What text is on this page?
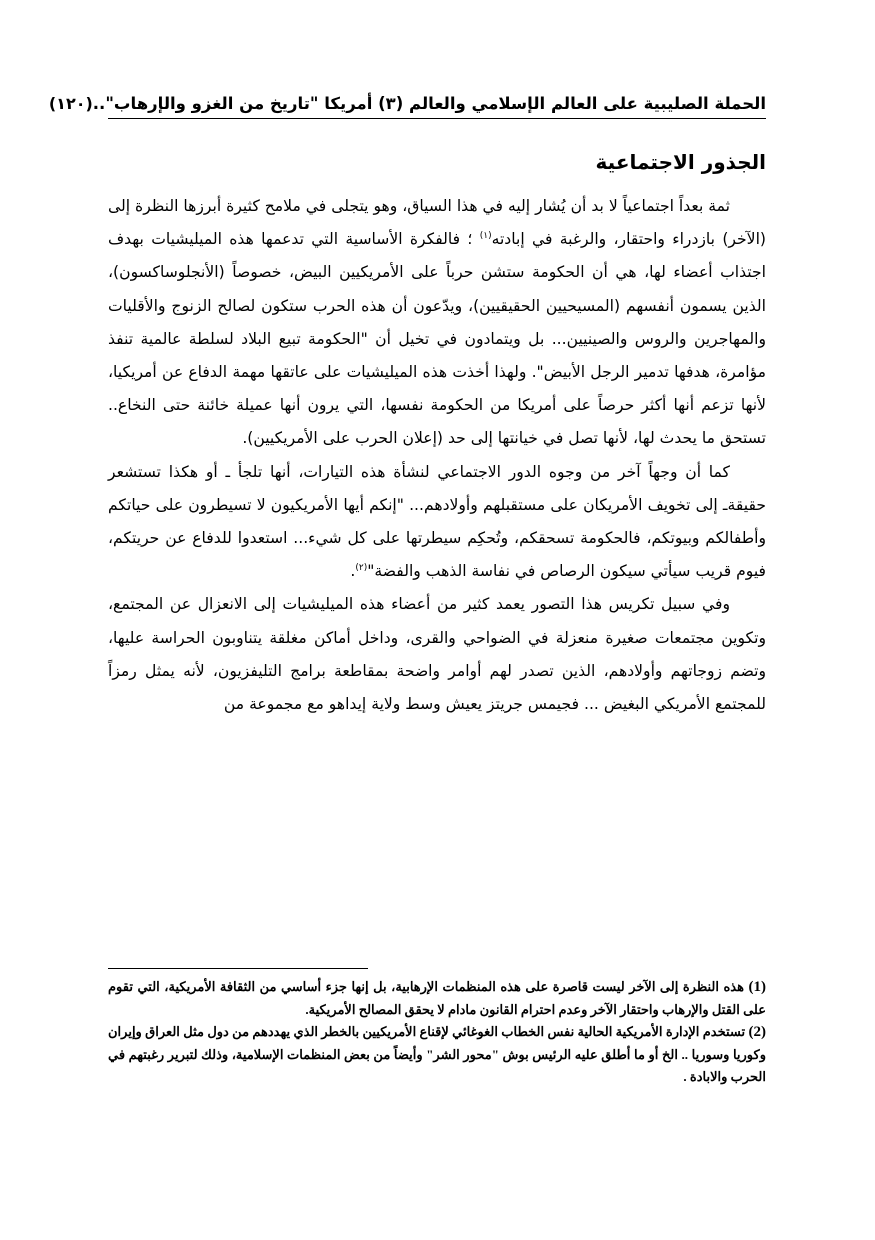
الحملة الصليبية على العالم الإسلامي والعالم (٣) أمريكا "تاريخ من الغزو والإرهاب"..
(١٢٠)
الجذور الاجتماعية

ثمة بعداً اجتماعياً لا بد أن يُشار إليه في هذا السياق، وهو يتجلى في ملامح كثيرة أبرزها النظرة إلى (الآخر) بازدراء واحتقار، والرغبة في إبادته$^{(١)}$ ؛ فالفكرة الأساسية التي تدعمها هذه الميليشيات بهدف اجتذاب أعضاء لها، هي أن الحكومة ستشن حرباً على الأمريكيين البيض، خصوصاً (الأنجلوساكسون)، الذين يسمون أنفسهم (المسيحيين الحقيقيين)، ويدّعون أن هذه الحرب ستكون لصالح الزنوج والأقليات والمهاجرين والروس والصينيين... بل ويتمادون في تخيل أن "الحكومة تبيع البلاد لسلطة عالمية تنفذ مؤامرة، هدفها تدمير الرجل الأبيض". ولهذا أخذت هذه الميليشيات على عاتقها مهمة الدفاع عن أمريكيا، لأنها تزعم أنها أكثر حرصاً على أمريكا من الحكومة نفسها، التي يرون أنها عميلة خائنة حتى النخاع.. تستحق ما يحدث لها، لأنها تصل في خيانتها إلى حد (إعلان الحرب على الأمريكيين).

كما أن وجهاً آخر من وجوه الدور الاجتماعي لنشأة هذه التيارات، أنها تلجأ ـ أو هكذا تستشعر حقيقةـ إلى تخويف الأمريكان على مستقبلهم وأولادهم... "إنكم أيها الأمريكيون لا تسيطرون على حياتكم وأطفالكم وبيوتكم، فالحكومة تسحقكم، وتُحكِم سيطرتها على كل شيء... استعدوا للدفاع عن حريتكم، فيوم قريب سيأتي سيكون الرصاص في نفاسة الذهب والفضة"$^{(٢)}$.

وفي سبيل تكريس هذا التصور يعمد كثير من أعضاء هذه الميليشيات إلى الانعزال عن المجتمع، وتكوين مجتمعات صغيرة منعزلة في الضواحي والقرى، وداخل أماكن مغلقة يتناوبون الحراسة عليها، وتضم زوجاتهم وأولادهم، الذين تصدر لهم أوامر واضحة بمقاطعة برامج التليفزيون، لأنه يمثل رمزاً للمجتمع الأمريكي البغيض ... فجيمس جريتز يعيش وسط ولاية إيداهو مع مجموعة من

(1) هذه النظرة إلى الآخر ليست قاصرة على هذه المنظمات الإرهابية، بل إنها جزء أساسي من الثقافة الأمريكية، التي تقوم على القتل والإرهاب واحتقار الآخر وعدم احترام القانون مادام لا يحقق المصالح الأمريكية.

(2) تستخدم الإدارة الأمريكية الحالية نفس الخطاب الغوغائي لإقناع الأمريكيين بالخطر الذي يهددهم من دول مثل العراق وإيران وكوريا وسوريا .. الخ أو ما أطلق عليه الرئيس بوش "محور الشر" وأيضاً من بعض المنظمات الإسلامية، وذلك لتبرير رغبتهم في الحرب والابادة .
